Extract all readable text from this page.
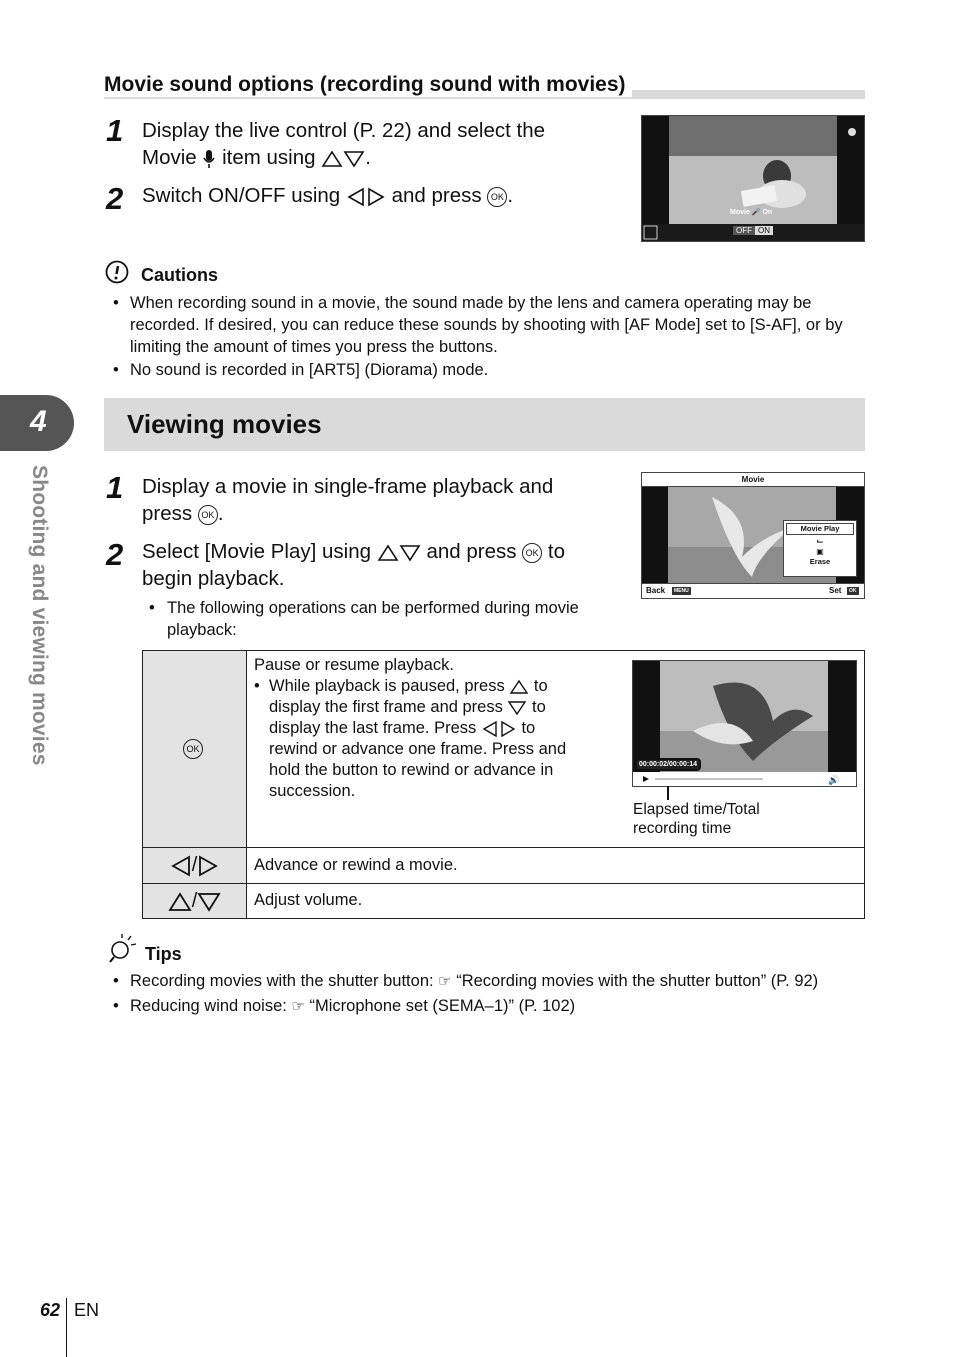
4
Shooting and viewing movies
Movie sound options (recording sound with movies)
1 Display the live control (P. 22) and select the
Movie item using .
2 Switch ON/OFF using	and press OK .
Movie 🎤 On
OFF ON
Cautions
• When recording sound in a movie, the sound made by the lens and camera operating may be recorded. If desired, you can reduce these sounds by shooting with [AF Mode] set to [S-AF], or by limiting the amount of times you press the buttons.
• No sound is recorded in [ART5] (Diorama) mode.
Viewing movies
1 Display a movie in single-frame playback and
press OK .
2 Select [Movie Play] using	and press OK to
begin playback.
• The following operations can be performed during movie playback:
Movie
Movie Play
⌙
▣
Erase
Back	MENU	Set	OK
OK
Pause or resume playback.
• While playback is paused, press to
display the first frame and press to
display the last frame. Press	to
rewind or advance one frame. Press and
hold the button to rewind or advance in
succession.
🔊
00:00:02/00:00:14
Elapsed time/Total
recording time
/	Advance or rewind a movie.
/	Adjust volume.
Tips
• Recording movies with the shutter button: ☞ “Recording movies with the shutter button” (P. 92)
• Reducing wind noise: ☞ “Microphone set (SEMA–1)” (P. 102)
62 EN
